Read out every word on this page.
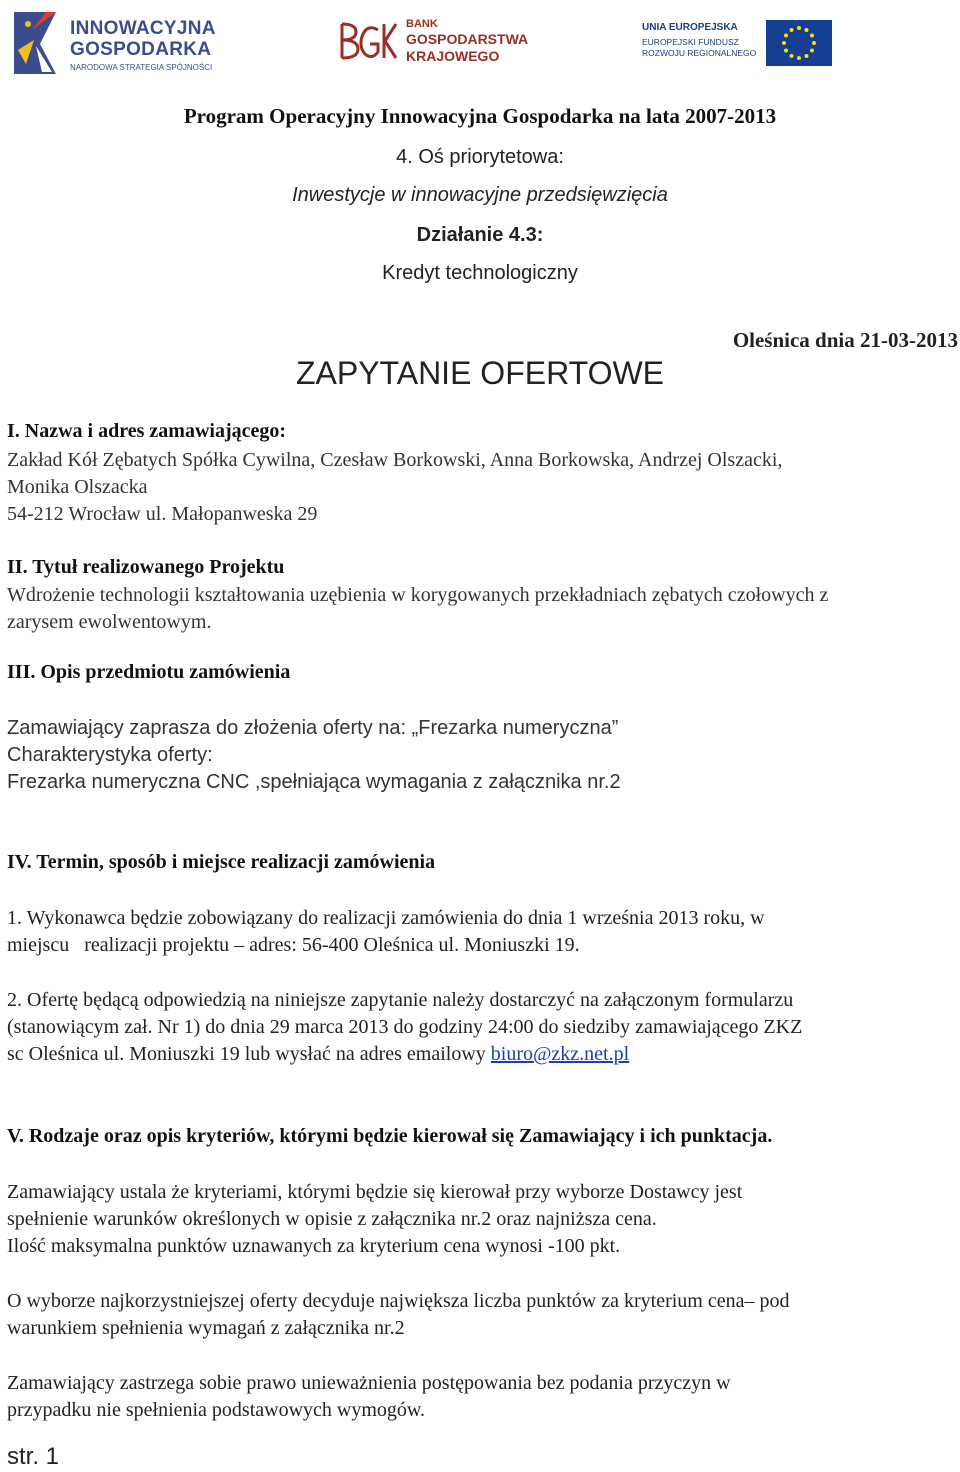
INNOWACYJNA
GOSPODARKA
NARODOWA STRATEGIA SPÓJNOŚCI
BANK
GOSPODARSTWA
KRAJOWEGO
UNIA EUROPEJSKA
EUROPEJSKI FUNDUSZ
ROZWOJU REGIONALNEGO
Program Operacyjny Innowacyjna Gospodarka na lata 2007-2013
4. Oś priorytetowa:
Inwestycje w innowacyjne przedsięwzięcia
Działanie 4.3:
Kredyt technologiczny
Oleśnica dnia 21-03-2013
ZAPYTANIE OFERTOWE
I. Nazwa i adres zamawiającego:
Zakład Kół Zębatych Spółka Cywilna, Czesław Borkowski, Anna Borkowska, Andrzej Olszacki,
Monika Olszacka
54-212 Wrocław ul. Małopanweska 29
II. Tytuł realizowanego Projektu
Wdrożenie technologii kształtowania uzębienia w korygowanych przekładniach zębatych czołowych z
zarysem ewolwentowym.
III. Opis przedmiotu zamówienia
Zamawiający zaprasza do złożenia oferty na: „Frezarka numeryczna”
Charakterystyka oferty:
Frezarka numeryczna CNC ,spełniająca wymagania z załącznika nr.2
IV. Termin, sposób i miejsce realizacji zamówienia
1. Wykonawca będzie zobowiązany do realizacji zamówienia do dnia 1 września 2013 roku, w
miejscu   realizacji projektu – adres: 56-400 Oleśnica ul. Moniuszki 19.
2. Ofertę będącą odpowiedzią na niniejsze zapytanie należy dostarczyć na załączonym formularzu
(stanowiącym zał. Nr 1) do dnia 29 marca 2013 do godziny 24:00 do siedziby zamawiającego ZKZ
sc Oleśnica ul. Moniuszki 19 lub wysłać na adres emailowy biuro@zkz.net.pl
V. Rodzaje oraz opis kryteriów, którymi będzie kierował się Zamawiający i ich punktacja.
Zamawiający ustala że kryteriami, którymi będzie się kierował przy wyborze Dostawcy jest
spełnienie warunków określonych w opisie z załącznika nr.2 oraz najniższa cena.
Ilość maksymalna punktów uznawanych za kryterium cena wynosi -100 pkt.
O wyborze najkorzystniejszej oferty decyduje największa liczba punktów za kryterium cena– pod
warunkiem spełnienia wymagań z załącznika nr.2
Zamawiający zastrzega sobie prawo unieważnienia postępowania bez podania przyczyn w
przypadku nie spełnienia podstawowych wymogów.
str. 1
